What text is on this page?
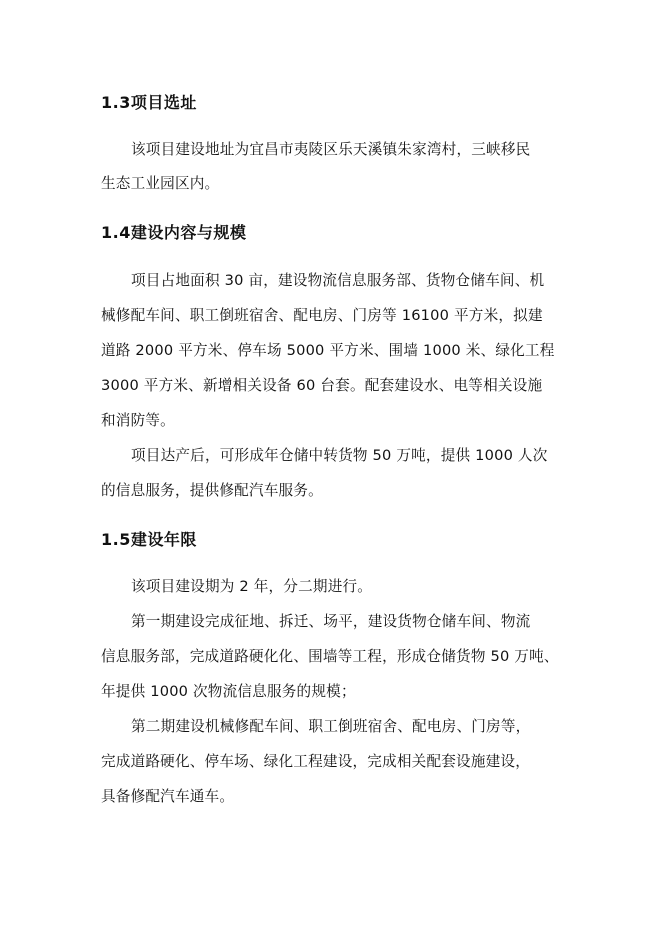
1.3项目选址
该项目建设地址为宜昌市夷陵区乐天溪镇朱家湾村，三峡移民
生态工业园区内。
1.4建设内容与规模
项目占地面积 30 亩，建设物流信息服务部、货物仓储车间、机
械修配车间、职工倒班宿舍、配电房、门房等 16100 平方米，拟建
道路 2000 平方米、停车场 5000 平方米、围墙 1000 米、绿化工程
3000 平方米、新增相关设备 60 台套。配套建设水、电等相关设施
和消防等。
项目达产后，可形成年仓储中转货物 50 万吨，提供 1000 人次
的信息服务，提供修配汽车服务。
1.5建设年限
该项目建设期为 2 年，分二期进行。
第一期建设完成征地、拆迁、场平，建设货物仓储车间、物流
信息服务部，完成道路硬化化、围墙等工程，形成仓储货物 50 万吨、
年提供 1000 次物流信息服务的规模；
第二期建设机械修配车间、职工倒班宿舍、配电房、门房等，
完成道路硬化、停车场、绿化工程建设，完成相关配套设施建设，
具备修配汽车通车。
